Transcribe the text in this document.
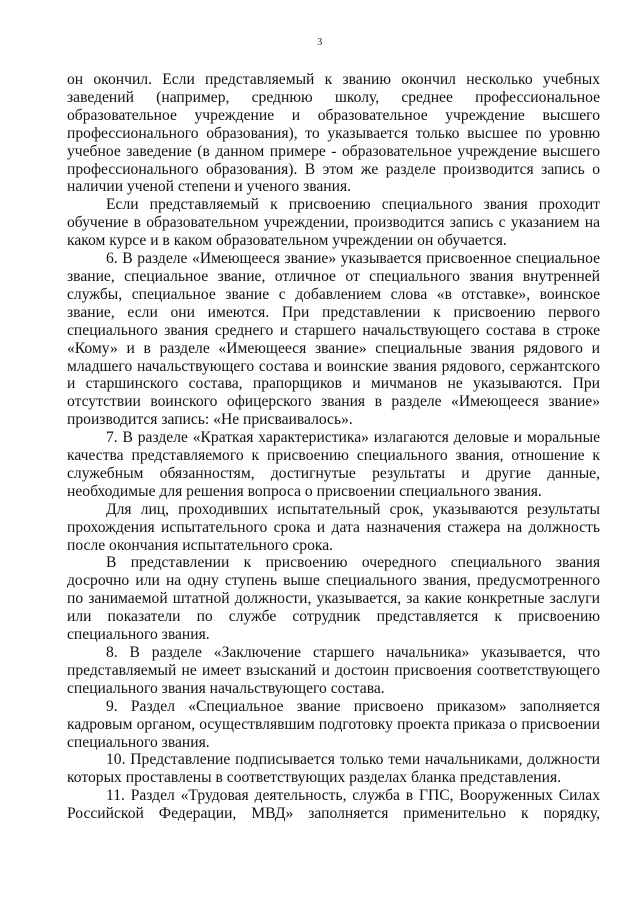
3

он окончил. Если представляемый к званию окончил несколько учебных заведений (например, среднюю школу, среднее профессиональное образовательное учреждение и образовательное учреждение высшего профессионального образования), то указывается только высшее по уровню учебное заведение (в данном примере - образовательное учреждение высшего профессионального образования). В этом же разделе производится запись о наличии ученой степени и ученого звания.

Если представляемый к присвоению специального звания проходит обучение в образовательном учреждении, производится запись с указанием на каком курсе и в каком образовательном учреждении он обучается.

6. В разделе «Имеющееся звание» указывается присвоенное специальное звание, специальное звание, отличное от специального звания внутренней службы, специальное звание с добавлением слова «в отставке», воинское звание, если они имеются. При представлении к присвоению первого специального звания среднего и старшего начальствующего состава в строке «Кому» и в разделе «Имеющееся звание» специальные звания рядового и младшего начальствующего состава и воинские звания рядового, сержантского и старшинского состава, прапорщиков и мичманов не указываются. При отсутствии воинского офицерского звания в разделе «Имеющееся звание» производится запись: «Не присваивалось».

7. В разделе «Краткая характеристика» излагаются деловые и моральные качества представляемого к присвоению специального звания, отношение к служебным обязанностям, достигнутые результаты и другие данные, необходимые для решения вопроса о присвоении специального звания.

Для лиц, проходивших испытательный срок, указываются результаты прохождения испытательного срока и дата назначения стажера на должность после окончания испытательного срока.

В представлении к присвоению очередного специального звания досрочно или на одну ступень выше специального звания, предусмотренного по занимаемой штатной должности, указывается, за какие конкретные заслуги или показатели по службе сотрудник представляется к присвоению специального звания.

8. В разделе «Заключение старшего начальника» указывается, что представляемый не имеет взысканий и достоин присвоения соответствующего специального звания начальствующего состава.

9. Раздел «Специальное звание присвоено приказом» заполняется кадровым органом, осуществлявшим подготовку проекта приказа о присвоении специального звания.

10. Представление подписывается только теми начальниками, должности которых проставлены в соответствующих разделах бланка представления.

11. Раздел «Трудовая деятельность, служба в ГПС, Вооруженных Силах Российской Федерации, МВД» заполняется применительно к порядку,
